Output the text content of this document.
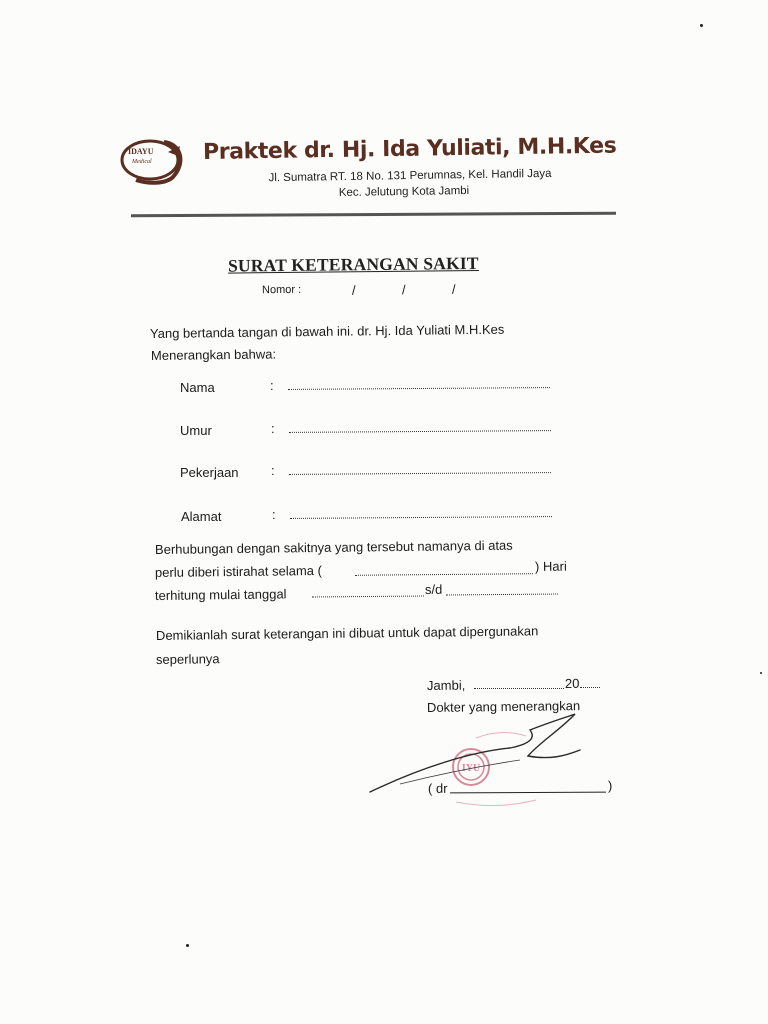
IDAYU
Medical Praktek dr. Hj. Ida Yuliati, M.H.Kes
Jl. Sumatra RT. 18 No. 131 Perumnas, Kel. Handil Jaya
Kec. Jelutung Kota Jambi
SURAT KETERANGAN SAKIT
Nomor :	/	/	/
Yang bertanda tangan di bawah ini. dr. Hj. Ida Yuliati M.H.Kes
Menerangkan bahwa:
Nama	:
Umur	:
Pekerjaan :
Alamat	:
Berhubungan dengan sakitnya yang tersebut namanya di atas
perlu diberi istirahat selama (	) Hari
terhitung mulai tanggal	s/d
Demikianlah surat keterangan ini dibuat untuk dapat dipergunakan
seperlunya
Jambi,	20
Dokter yang menerangkan
IYU
( dr	)
